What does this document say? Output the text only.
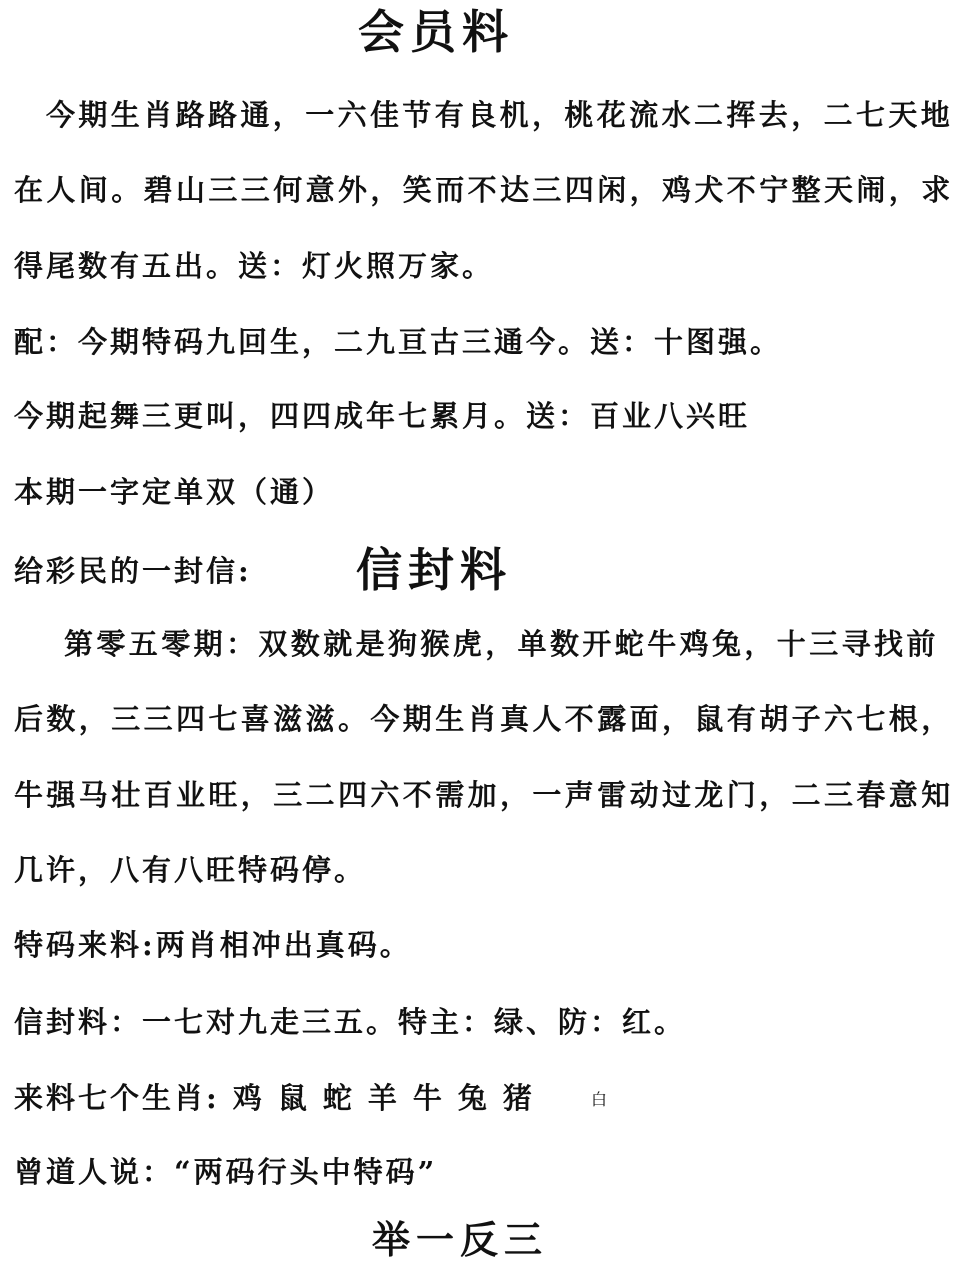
会员料
今期生肖路路通，一六佳节有良机，桃花流水二挥去，二七天地
在人间。碧山三三何意外，笑而不达三四闲，鸡犬不宁整天闹，求
得尾数有五出。送：灯火照万家。
配：今期特码九回生，二九亘古三通今。送：十图强。
今期起舞三更叫，四四成年七累月。送：百业八兴旺
本期一字定单双（通）
给彩民的一封信:	信封料
第零五零期：双数就是狗猴虎，单数开蛇牛鸡兔，十三寻找前
后数，三三四七喜滋滋。今期生肖真人不露面，鼠有胡子六七根，
牛强马壮百业旺，三二四六不需加，一声雷动过龙门，二三春意知
几许，八有八旺特码停。
特码来料:两肖相冲出真码。
信封料：一七对九走三五。特主：绿、防：红。
来料七个生肖: 鸡鼠蛇羊牛兔猪	白
曾道人说：“两码行头中特码”
举一反三
